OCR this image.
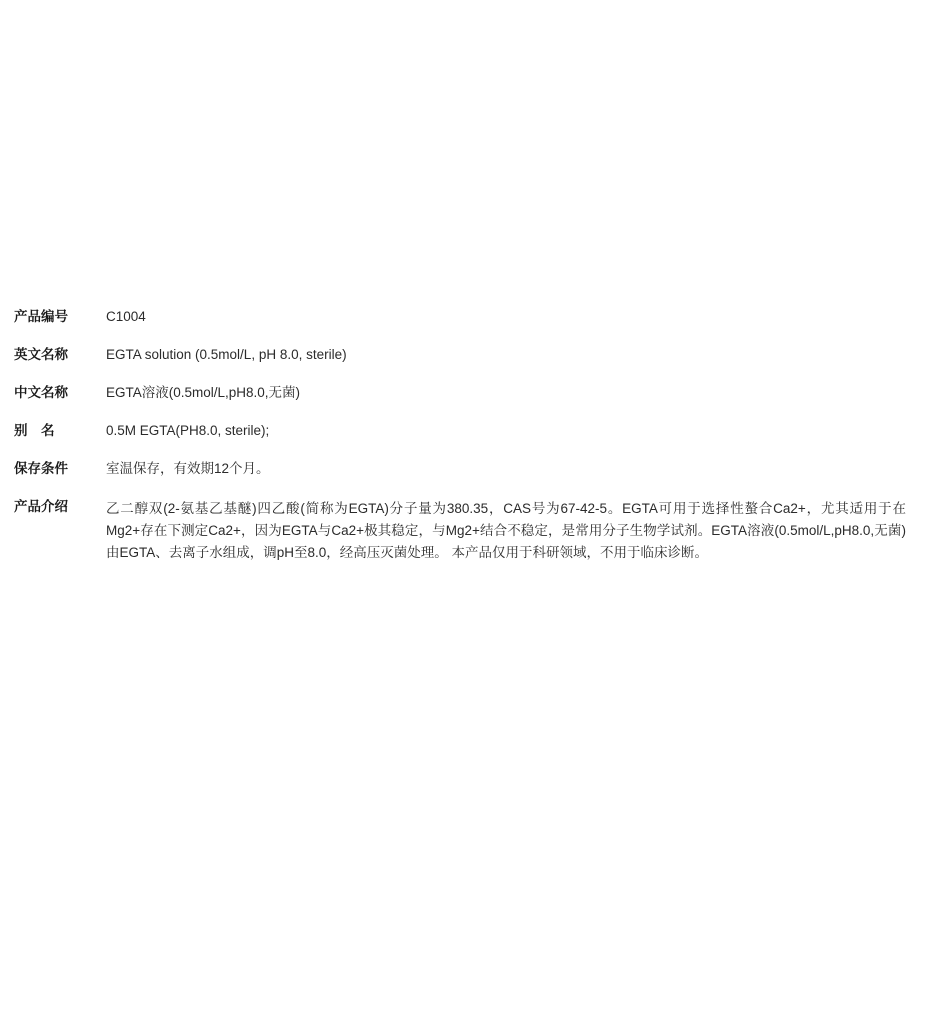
产品编号	C1004
英文名称	EGTA solution (0.5mol/L, pH 8.0, sterile)
中文名称	EGTA溶液(0.5mol/L,pH8.0,无菌)
别　名	0.5M EGTA(PH8.0, sterile);
保存条件	室温保存，有效期12个月。
产品介绍	乙二醇双(2-氨基乙基醚)四乙酸(简称为EGTA)分子量为380.35，CAS号为67-42-5。EGTA可用于选择性螯合Ca2+，尤其适用于在Mg2+存在下测定Ca2+，因为EGTA与Ca2+极其稳定，与Mg2+结合不稳定，是常用分子生物学试剂。EGTA溶液(0.5mol/L,pH8.0,无菌)由EGTA、去离子水组成，调pH至8.0，经高压灭菌处理。 本产品仅用于科研领域，不用于临床诊断。
